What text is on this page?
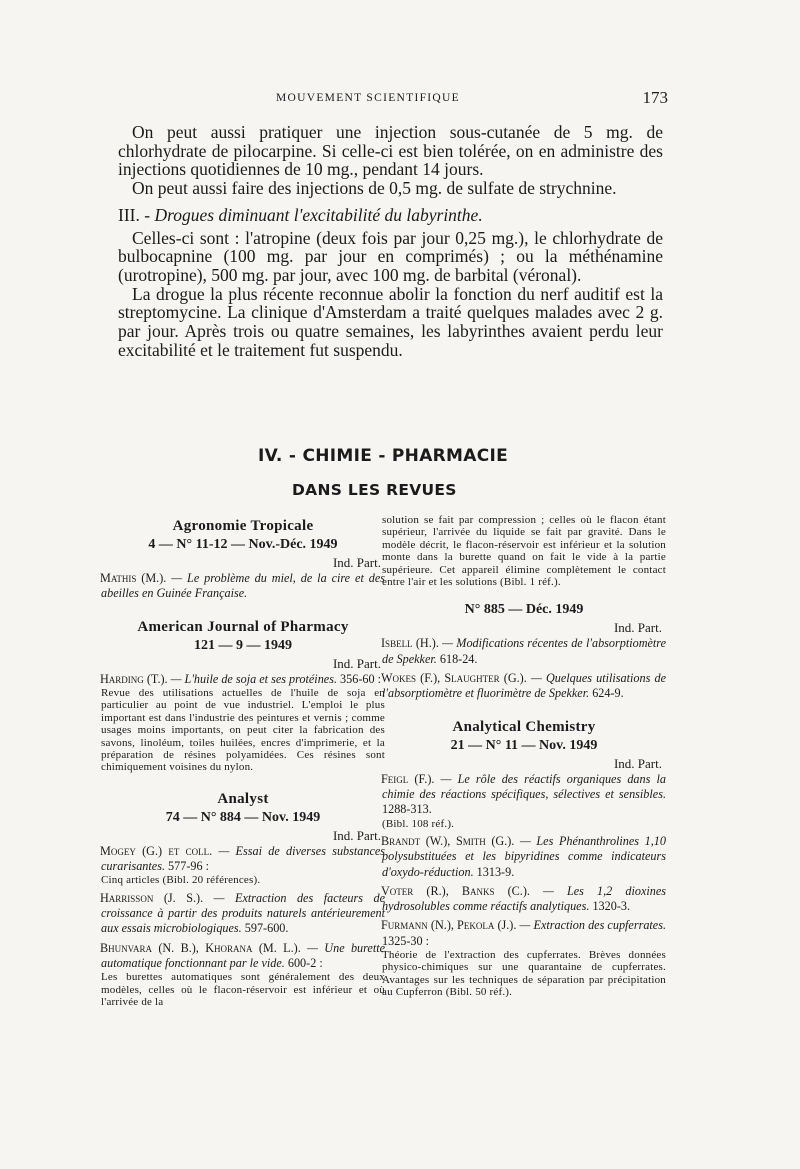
MOUVEMENT SCIENTIFIQUE	173

On peut aussi pratiquer une injection sous-cutanée de 5 mg. de chlorhydrate de pilocarpine. Si celle-ci est bien tolérée, on en administre des injections quotidiennes de 10 mg., pendant 14 jours.

On peut aussi faire des injections de 0,5 mg. de sulfate de strychnine.

III. - Drogues diminuant l'excitabilité du labyrinthe.

Celles-ci sont : l'atropine (deux fois par jour 0,25 mg.), le chlorhydrate de bulbocapnine (100 mg. par jour en comprimés) ; ou la méthénamine (urotropine), 500 mg. par jour, avec 100 mg. de barbital (véronal).

La drogue la plus récente reconnue abolir la fonction du nerf auditif est la streptomycine. La clinique d'Amsterdam a traité quelques malades avec 2 g. par jour. Après trois ou quatre semaines, les labyrinthes avaient perdu leur excitabilité et le traitement fut suspendu.

IV. - CHIMIE - PHARMACIE
DANS LES REVUES
Agronomie Tropicale
4 — N° 11-12 — Nov.-Déc. 1949
Ind. Part.

Mathis (M.). — Le problème du miel, de la cire et des abeilles en Guinée Française.

American Journal of Pharmacy
121 — 9 — 1949
Ind. Part.

Harding (T.). — L'huile de soja et ses protéines. 356-60 :

Revue des utilisations actuelles de l'huile de soja en particulier au point de vue industriel. L'emploi le plus important est dans l'industrie des peintures et vernis ; comme usages moins importants, on peut citer la fabrication des savons, linoléum, toiles huilées, encres d'imprimerie, et la préparation de résines polyamidées. Ces résines sont chimiquement voisines du nylon.
Analyst
74 — N° 884 — Nov. 1949
Ind. Part.

Mogey (G.) et coll. — Essai de diverses substances curarisantes. 577-96 :

Cinq articles (Bibl. 20 références).

Harrisson (J. S.). — Extraction des facteurs de croissance à partir des produits naturels antérieurement aux essais microbiologiques. 597-600.

Bhunvara (N. B.), Khorana (M. L.). — Une burette automatique fonctionnant par le vide. 600-2 :

Les burettes automatiques sont généralement des deux modèles, celles où le flacon-réservoir est inférieur et où l'arrivée de la
solution se fait par compression ; celles où le flacon étant supérieur, l'arrivée du liquide se fait par gravité. Dans le modèle décrit, le flacon-réservoir est inférieur et la solution monte dans la burette quand on fait le vide à la partie supérieure. Cet appareil élimine complètement le contact entre l'air et les solutions (Bibl. 1 réf.).
N° 885 — Déc. 1949
Ind. Part.

Isbell (H.). — Modifications récentes de l'absorptiomètre de Spekker. 618-24.

Wokes (F.), Slaughter (G.). — Quelques utilisations de l'absorptiomètre et fluorimètre de Spekker. 624-9.

Analytical Chemistry
21 — N° 11 — Nov. 1949
Ind. Part.

Feigl (F.). — Le rôle des réactifs organiques dans la chimie des réactions spécifiques, sélectives et sensibles. 1288-313.

(Bibl. 108 réf.).

Brandt (W.), Smith (G.). — Les Phénanthrolines 1,10 polysubstituées et les bipyridines comme indicateurs d'oxydo-réduction. 1313-9.

Voter (R.), Banks (C.). — Les 1,2 dioxines hydrosolubles comme réactifs analytiques. 1320-3.

Furmann (N.), Pekola (J.). — Extraction des cupferrates. 1325-30 :

Théorie de l'extraction des cupferrates. Brèves données physico-chimiques sur une quarantaine de cupferrates. Avantages sur les techniques de séparation par précipitation au Cupferron (Bibl. 50 réf.).
